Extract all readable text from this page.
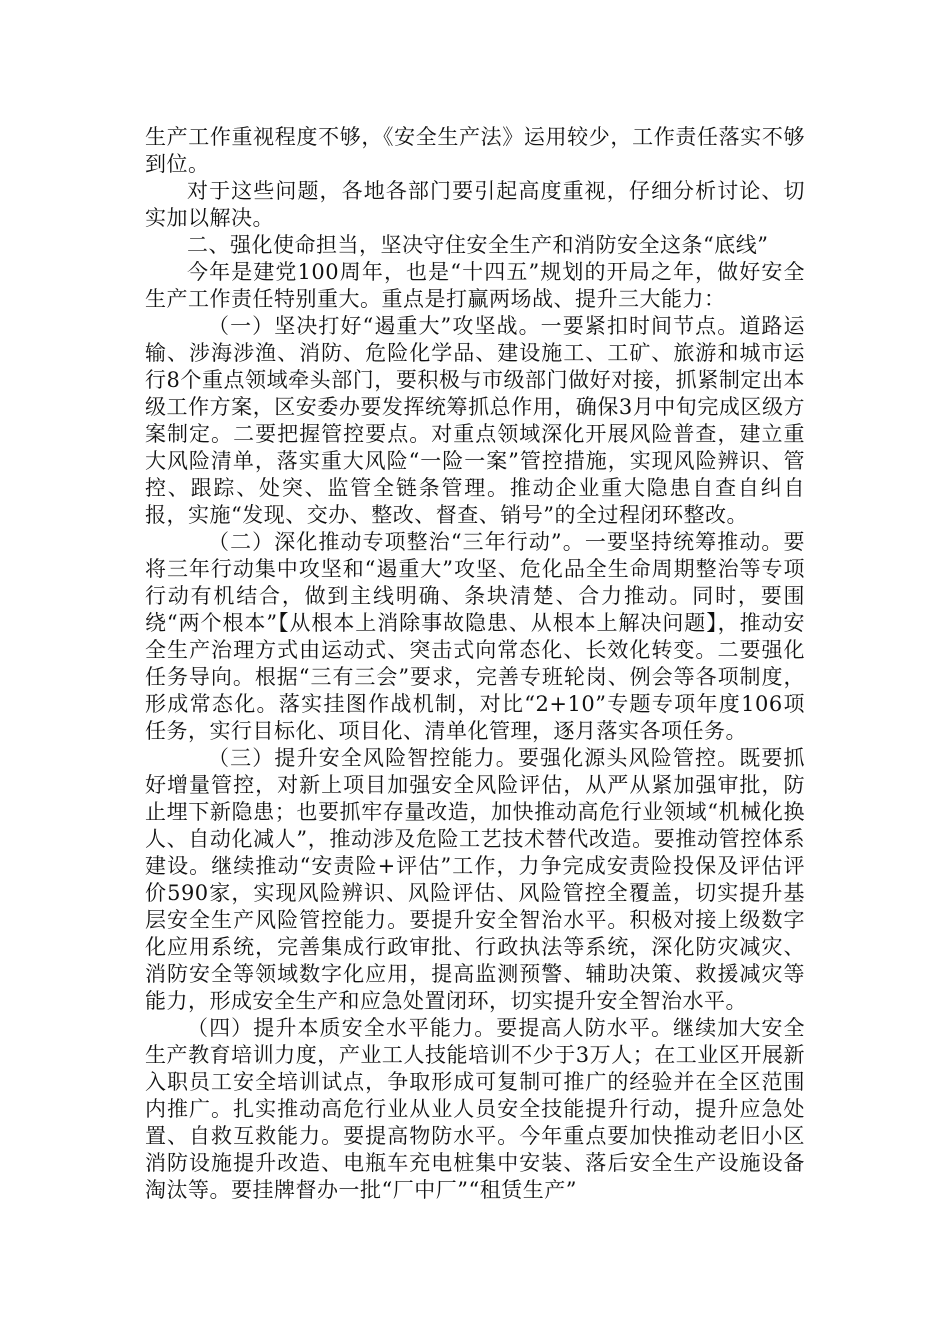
生产工作重视程度不够，《安全生产法》运用较少，工作责任落实不够到位。

对于这些问题，各地各部门要引起高度重视，仔细分析讨论、切实加以解决。

二、强化使命担当，坚决守住安全生产和消防安全这条“底线”

今年是建党100周年，也是“十四五”规划的开局之年，做好安全生产工作责任特别重大。重点是打赢两场战、提升三大能力：

（一）坚决打好“遏重大”攻坚战。一要紧扣时间节点。道路运输、涉海涉渔、消防、危险化学品、建设施工、工矿、旅游和城市运行8个重点领域牵头部门，要积极与市级部门做好对接，抓紧制定出本级工作方案，区安委办要发挥统筹抓总作用，确保3月中旬完成区级方案制定。二要把握管控要点。对重点领域深化开展风险普查，建立重大风险清单，落实重大风险“一险一案”管控措施，实现风险辨识、管控、跟踪、处突、监管全链条管理。推动企业重大隐患自查自纠自报，实施“发现、交办、整改、督查、销号”的全过程闭环整改。

（二）深化推动专项整治“三年行动”。一要坚持统筹推动。要将三年行动集中攻坚和“遏重大”攻坚、危化品全生命周期整治等专项行动有机结合，做到主线明确、条块清楚、合力推动。同时，要围绕“两个根本”【从根本上消除事故隐患、从根本上解决问题】，推动安全生产治理方式由运动式、突击式向常态化、长效化转变。二要强化任务导向。根据“三有三会”要求，完善专班轮岗、例会等各项制度，形成常态化。落实挂图作战机制，对比“2+10”专题专项年度106项任务，实行目标化、项目化、清单化管理，逐月落实各项任务。

（三）提升安全风险智控能力。要强化源头风险管控。既要抓好增量管控，对新上项目加强安全风险评估，从严从紧加强审批，防止埋下新隐患；也要抓牢存量改造，加快推动高危行业领域“机械化换人、自动化减人”，推动涉及危险工艺技术替代改造。要推动管控体系建设。继续推动“安责险+评估”工作，力争完成安责险投保及评估评价590家，实现风险辨识、风险评估、风险管控全覆盖，切实提升基层安全生产风险管控能力。要提升安全智治水平。积极对接上级数字化应用系统，完善集成行政审批、行政执法等系统，深化防灾减灾、消防安全等领域数字化应用，提高监测预警、辅助决策、救援减灾等能力，形成安全生产和应急处置闭环，切实提升安全智治水平。

（四）提升本质安全水平能力。要提高人防水平。继续加大安全生产教育培训力度，产业工人技能培训不少于3万人；在工业区开展新入职员工安全培训试点，争取形成可复制可推广的经验并在全区范围内推广。扎实推动高危行业从业人员安全技能提升行动，提升应急处置、自救互救能力。要提高物防水平。今年重点要加快推动老旧小区消防设施提升改造、电瓶车充电桩集中安装、落后安全生产设施设备淘汰等。要挂牌督办一批“厂中厂”“租赁生产”
